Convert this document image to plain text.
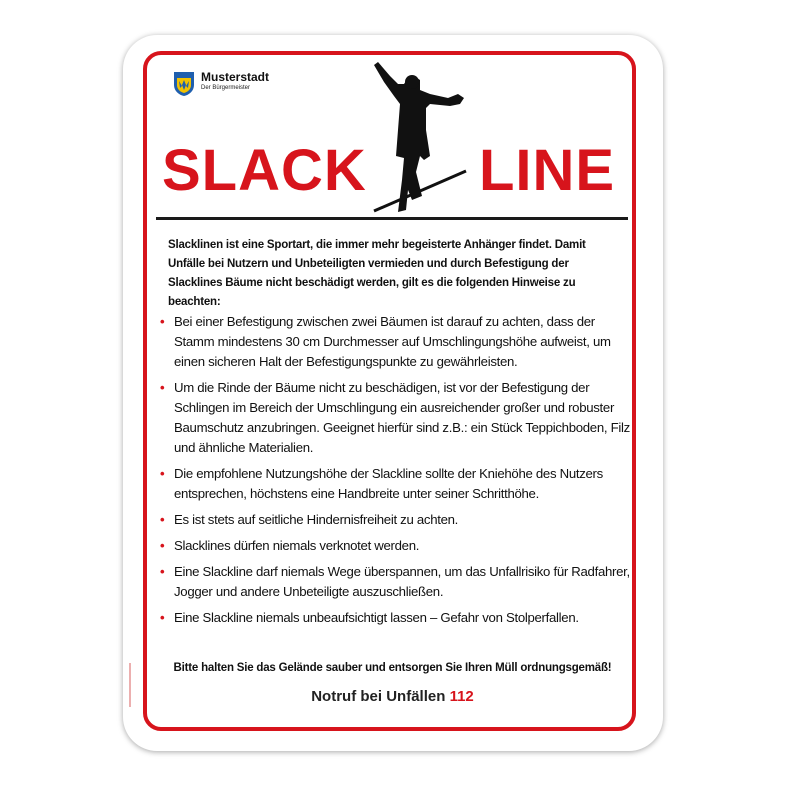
Musterstadt
Der Bürgermeister
SLACK LINE
Slacklinen ist eine Sportart, die immer mehr begeisterte Anhänger findet. Damit Unfälle bei Nutzern und Unbeteiligten vermieden und durch Befestigung der Slacklines Bäume nicht beschädigt werden, gilt es die folgenden Hinweise zu beachten:
• Bei einer Befestigung zwischen zwei Bäumen ist darauf zu achten, dass der Stamm mindestens 30 cm Durchmesser auf Umschlingungshöhe aufweist, um einen sicheren Halt der Befestigungspunkte zu gewährleisten.
• Um die Rinde der Bäume nicht zu beschädigen, ist vor der Befestigung der Schlingen im Bereich der Umschlingung ein ausreichender großer und robuster Baumschutz anzubringen. Geeignet hierfür sind z.B.: ein Stück Teppichboden, Filz und ähnliche Materialien.
• Die empfohlene Nutzungshöhe der Slackline sollte der Kniehöhe des Nutzers entsprechen, höchstens eine Handbreite unter seiner Schritthöhe.
• Es ist stets auf seitliche Hindernisfreiheit zu achten.
• Slacklines dürfen niemals verknotet werden.
• Eine Slackline darf niemals Wege überspannen, um das Unfallrisiko für Radfahrer, Jogger und andere Unbeteiligte auszuschließen.
• Eine Slackline niemals unbeaufsichtigt lassen – Gefahr von Stolperfallen.
Bitte halten Sie das Gelände sauber und entsorgen Sie Ihren Müll ordnungsgemäß!
Notruf bei Unfällen 112
